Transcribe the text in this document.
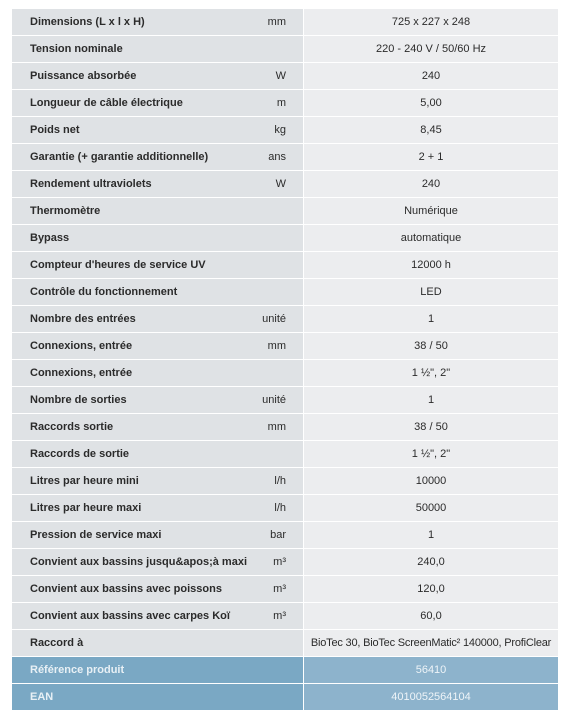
Dimensions (L x l x H)	mm	725 x 227 x 248
Tension nominale		220 - 240 V / 50/60 Hz
Puissance absorbée	W	240
Longueur de câble électrique	m	5,00
Poids net	kg	8,45
Garantie (+ garantie additionnelle)	ans	2 + 1
Rendement ultraviolets	W	240
Thermomètre		Numérique
Bypass		automatique
Compteur d'heures de service UV		12000 h
Contrôle du fonctionnement		LED
Nombre des entrées	unité	1
Connexions, entrée	mm	38 / 50
Connexions, entrée		1 ½", 2"
Nombre de sorties	unité	1
Raccords sortie	mm	38 / 50
Raccords de sortie		1 ½", 2"
Litres par heure mini	l/h	10000
Litres par heure maxi	l/h	50000
Pression de service maxi	bar	1
Convient aux bassins jusqu&apos;à maxi	m³	240,0
Convient aux bassins avec poissons	m³	120,0
Convient aux bassins avec carpes Koï	m³	60,0
Raccord à		BioTec 30, BioTec ScreenMatic² 140000, ProfiClear
Référence produit		56410
EAN		4010052564104
